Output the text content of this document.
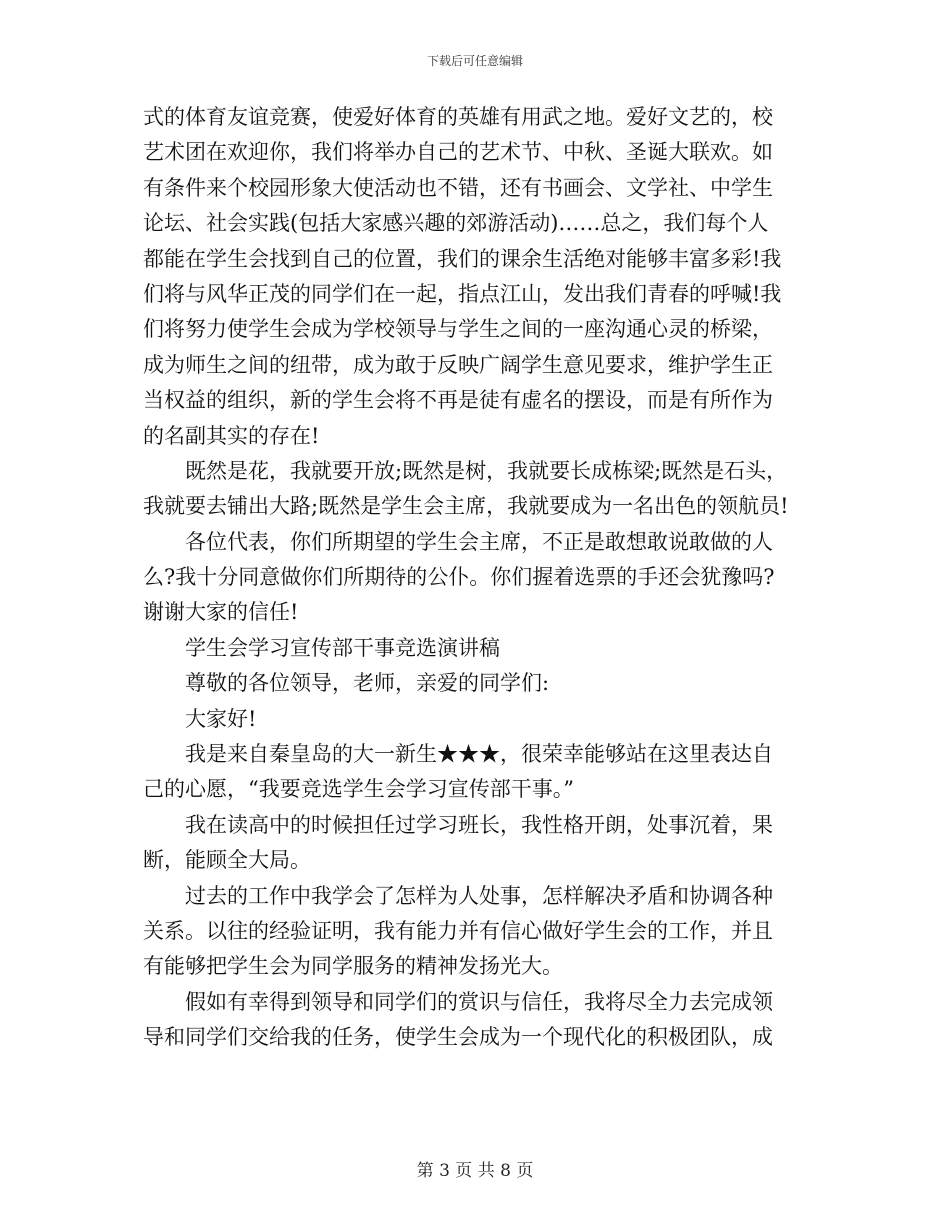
下载后可任意编辑
式的体育友谊竞赛，使爱好体育的英雄有用武之地。爱好文艺的，校
艺术团在欢迎你，我们将举办自己的艺术节、中秋、圣诞大联欢。如
有条件来个校园形象大使活动也不错，还有书画会、文学社、中学生
论坛、社会实践(包括大家感兴趣的郊游活动)……总之，我们每个人
都能在学生会找到自己的位置，我们的课余生活绝对能够丰富多彩!我
们将与风华正茂的同学们在一起，指点江山，发出我们青春的呼喊!我
们将努力使学生会成为学校领导与学生之间的一座沟通心灵的桥梁，
成为师生之间的纽带，成为敢于反映广阔学生意见要求，维护学生正
当权益的组织，新的学生会将不再是徒有虚名的摆设，而是有所作为
的名副其实的存在!
既然是花，我就要开放;既然是树，我就要长成栋梁;既然是石头，
我就要去铺出大路;既然是学生会主席，我就要成为一名出色的领航员!
各位代表，你们所期望的学生会主席，不正是敢想敢说敢做的人
么?我十分同意做你们所期待的公仆。你们握着选票的手还会犹豫吗?
谢谢大家的信任!
学生会学习宣传部干事竞选演讲稿
尊敬的各位领导，老师，亲爱的同学们:
大家好!
我是来自秦皇岛的大一新生★★★，很荣幸能够站在这里表达自
己的心愿，“我要竞选学生会学习宣传部干事。”
我在读高中的时候担任过学习班长，我性格开朗，处事沉着，果
断，能顾全大局。
过去的工作中我学会了怎样为人处事，怎样解决矛盾和协调各种
关系。以往的经验证明，我有能力并有信心做好学生会的工作，并且
有能够把学生会为同学服务的精神发扬光大。
假如有幸得到领导和同学们的赏识与信任，我将尽全力去完成领
导和同学们交给我的任务，使学生会成为一个现代化的积极团队，成
第 3 页 共 8 页
